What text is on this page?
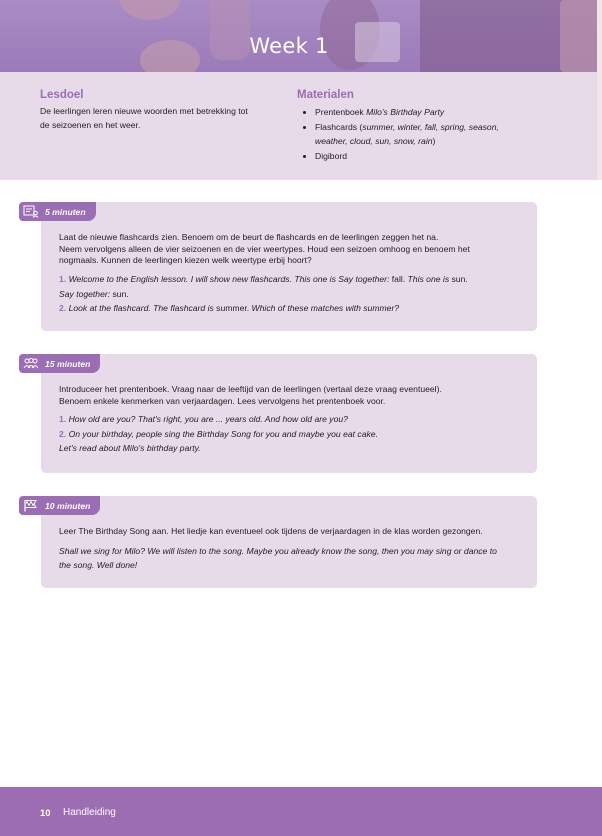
Week 1
Lesdoel

De leerlingen leren nieuwe woorden met betrekking tot
de seizoenen en het weer.

Materialen
• Prentenboek Milo's Birthday Party
• Flashcards (summer, winter, fall, spring, season,
weather, cloud, sun, snow, rain)
• Digibord

Laat de nieuwe flashcards zien. Benoem om de beurt de flashcards en de leerlingen zeggen het na.
Neem vervolgens alleen de vier seizoenen en de vier weertypes. Houd een seizoen omhoog en benoem het
nogmaals. Kunnen de leerlingen kiezen welk weertype erbij hoort?

1. Welcome to the English lesson. I will show new flashcards. This one is Say together: fall. This one is sun.
Say together: sun.
2. Look at the flashcard. The flashcard is summer. Which of these matches with summer?

5 minuten

Introduceer het prentenboek. Vraag naar de leeftijd van de leerlingen (vertaal deze vraag eventueel).
Benoem enkele kenmerken van verjaardagen. Lees vervolgens het prentenboek voor.

1. How old are you? That's right, you are ... years old. And how old are you?
2. On your birthday, people sing the Birthday Song for you and maybe you eat cake.
Let's read about Milo's birthday party.

15 minuten

Leer The Birthday Song aan. Het liedje kan eventueel ook tijdens de verjaardagen in de klas worden gezongen.

Shall we sing for Milo? We will listen to the song. Maybe you already know the song, then you may sing or dance to
the song. Well done!

10 minuten
10 Handleiding
